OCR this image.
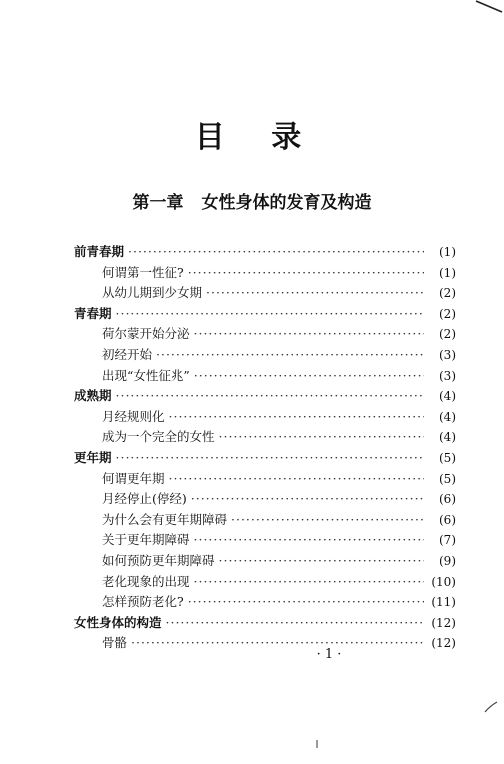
目 录
第一章 女性身体的发育及构造
前青春期 ·····	(1)
何谓第一性征? ·····	(1)
从幼儿期到少女期 ·····	(2)
青春期 ·····	(2)
荷尔蒙开始分泌 ·····	(2)
初经开始 ·····	(3)
出现“女性征兆” ·····	(3)
成熟期 ·····	(4)
月经规则化 ·····	(4)
成为一个完全的女性 ·····	(4)
更年期 ·····	(5)
何谓更年期 ·····	(5)
月经停止(停经) ·····	(6)
为什么会有更年期障碍 ·····	(6)
关于更年期障碍 ·····	(7)
如何预防更年期障碍 ·····	(9)
老化现象的出现 ·····	(10)
怎样预防老化? ·····	(11)
女性身体的构造 ·····	(12)
骨骼 ·····	(12)
· 1 ·
